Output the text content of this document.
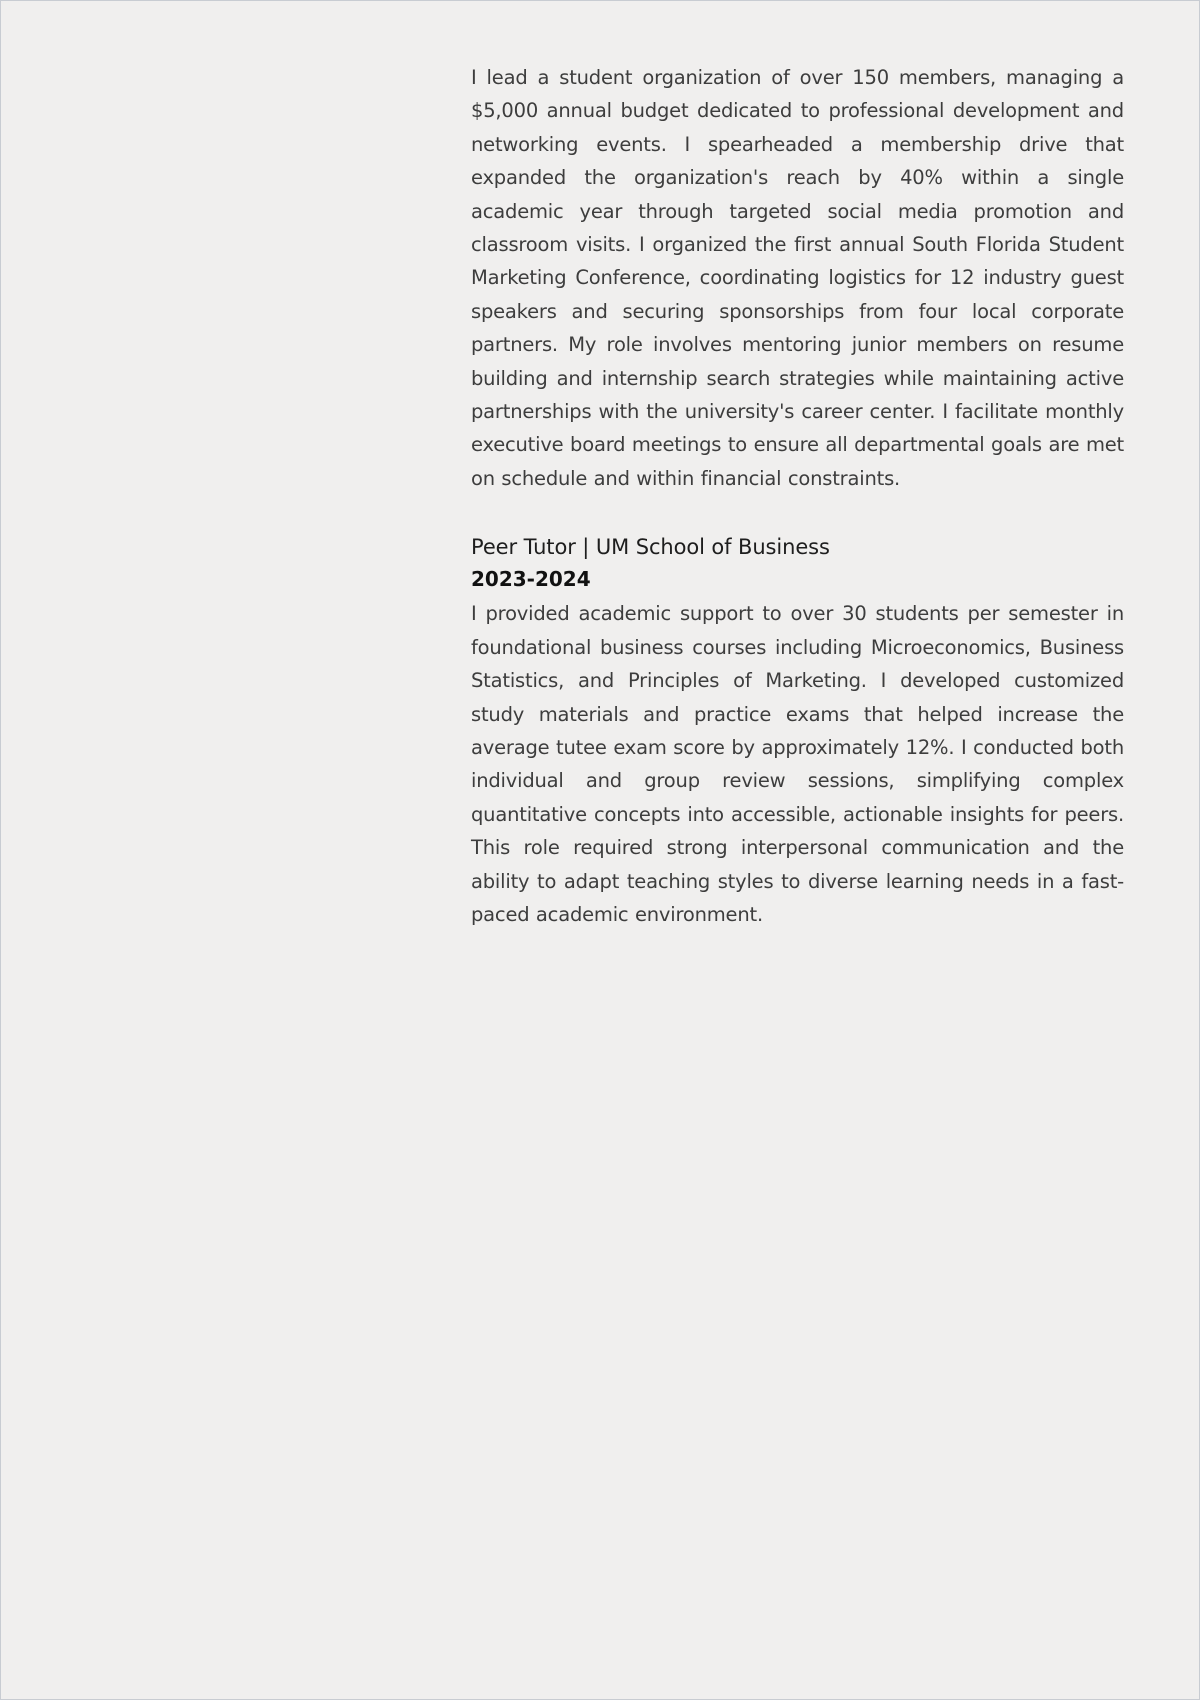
I lead a student organization of over 150 members, managing a $5,000 annual budget dedicated to professional development and networking events. I spearheaded a membership drive that expanded the organization's reach by 40% within a single academic year through targeted social media promotion and classroom visits. I organized the first annual South Florida Student Marketing Conference, coordinating logistics for 12 industry guest speakers and securing sponsorships from four local corporate partners. My role involves mentoring junior members on resume building and internship search strategies while maintaining active partnerships with the university's career center. I facilitate monthly executive board meetings to ensure all departmental goals are met on schedule and within financial constraints.

Peer Tutor | UM School of Business

2023-2024

I provided academic support to over 30 students per semester in foundational business courses including Microeconomics, Business Statistics, and Principles of Marketing. I developed customized study materials and practice exams that helped increase the average tutee exam score by approximately 12%. I conducted both individual and group review sessions, simplifying complex quantitative concepts into accessible, actionable insights for peers. This role required strong interpersonal communication and the ability to adapt teaching styles to diverse learning needs in a fast-paced academic environment.
